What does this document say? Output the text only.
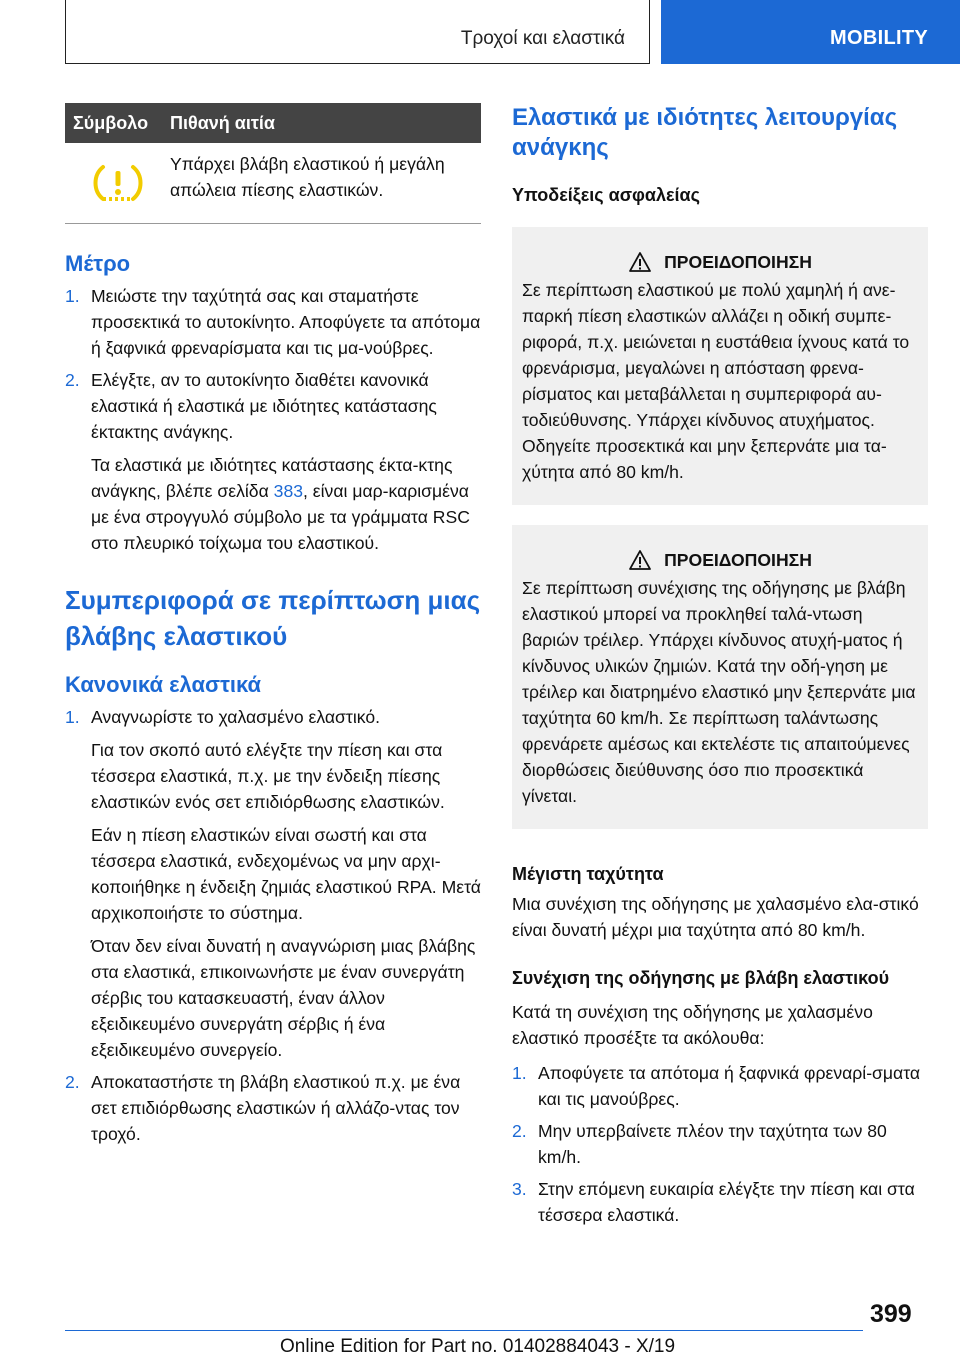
Τροχοί και ελαστικά	MOBILITY
Σύμβολο	Πιθανή αιτία
Υπάρχει βλάβη ελαστικού ή μεγάλη απώλεια πίεσης ελαστικών.
Μέτρο
1. Μειώστε την ταχύτητά σας και σταματήστε προσεκτικά το αυτοκίνητο. Αποφύγετε τα απότομα ή ξαφνικά φρεναρίσματα και τις μα-νούβρες.

2. Ελέγξτε, αν το αυτοκίνητο διαθέτει κανονικά ελαστικά ή ελαστικά με ιδιότητες κατάστασης έκτακτης ανάγκης.

Τα ελαστικά με ιδιότητες κατάστασης έκτα-κτης ανάγκης, βλέπε σελίδα 383, είναι μαρ-καρισμένα με ένα στρογγυλό σύμβολο με τα γράμματα RSC στο πλευρικό τοίχωμα του ελαστικού.

Συμπεριφορά σε περίπτωση μιας βλάβης ελαστικού
Κανονικά ελαστικά
1. Αναγνωρίστε το χαλασμένο ελαστικό.

Για τον σκοπό αυτό ελέγξτε την πίεση και στα τέσσερα ελαστικά, π.χ. με την ένδειξη πίεσης ελαστικών ενός σετ επιδιόρθωσης ελαστικών.

Εάν η πίεση ελαστικών είναι σωστή και στα τέσσερα ελαστικά, ενδεχομένως να μην αρχι-κοποιήθηκε η ένδειξη ζημιάς ελαστικού RPA. Μετά αρχικοποιήστε το σύστημα.

Όταν δεν είναι δυνατή η αναγνώριση μιας βλάβης στα ελαστικά, επικοινωνήστε με έναν συνεργάτη σέρβις του κατασκευαστή, έναν άλλον εξειδικευμένο συνεργάτη σέρβις ή ένα εξειδικευμένο συνεργείο.

2. Αποκαταστήστε τη βλάβη ελαστικού π.χ. με ένα σετ επιδιόρθωσης ελαστικών ή αλλάζο-ντας τον τροχό.

Ελαστικά με ιδιότητες λειτουργίας ανάγκης
Υποδείξεις ασφαλείας
ΠΡΟΕΙΔΟΠΟΙΗΣΗ

Σε περίπτωση ελαστικού με πολύ χαμηλή ή ανε-παρκή πίεση ελαστικών αλλάζει η οδική συμπε-ριφορά, π.χ. μειώνεται η ευστάθεια ίχνους κατά το φρενάρισμα, μεγαλώνει η απόσταση φρενα-ρίσματος και μεταβάλλεται η συμπεριφορά αυ-τοδιεύθυνσης. Υπάρχει κίνδυνος ατυχήματος. Οδηγείτε προσεκτικά και μην ξεπερνάτε μια τα-χύτητα από 80 km/h.

ΠΡΟΕΙΔΟΠΟΙΗΣΗ

Σε περίπτωση συνέχισης της οδήγησης με βλάβη ελαστικού μπορεί να προκληθεί ταλά-ντωση βαριών τρέιλερ. Υπάρχει κίνδυνος ατυχή-ματος ή κίνδυνος υλικών ζημιών. Κατά την οδή-γηση με τρέιλερ και διατρημένο ελαστικό μην ξεπερνάτε μια ταχύτητα 60 km/h. Σε περίπτωση ταλάντωσης φρενάρετε αμέσως και εκτελέστε τις απαιτούμενες διορθώσεις διεύθυνσης όσο πιο προσεκτικά γίνεται.

Μέγιστη ταχύτητα

Μια συνέχιση της οδήγησης με χαλασμένο ελα-στικό είναι δυνατή μέχρι μια ταχύτητα από 80 km/h.

Συνέχιση της οδήγησης με βλάβη ελαστικού

Κατά τη συνέχιση της οδήγησης με χαλασμένο ελαστικό προσέξτε τα ακόλουθα:

1. Αποφύγετε τα απότομα ή ξαφνικά φρεναρί-σματα και τις μανούβρες.

2. Μην υπερβαίνετε πλέον την ταχύτητα των 80 km/h.

3. Στην επόμενη ευκαιρία ελέγξτε την πίεση και στα τέσσερα ελαστικά.

399
Online Edition for Part no. 01402884043 - X/19
